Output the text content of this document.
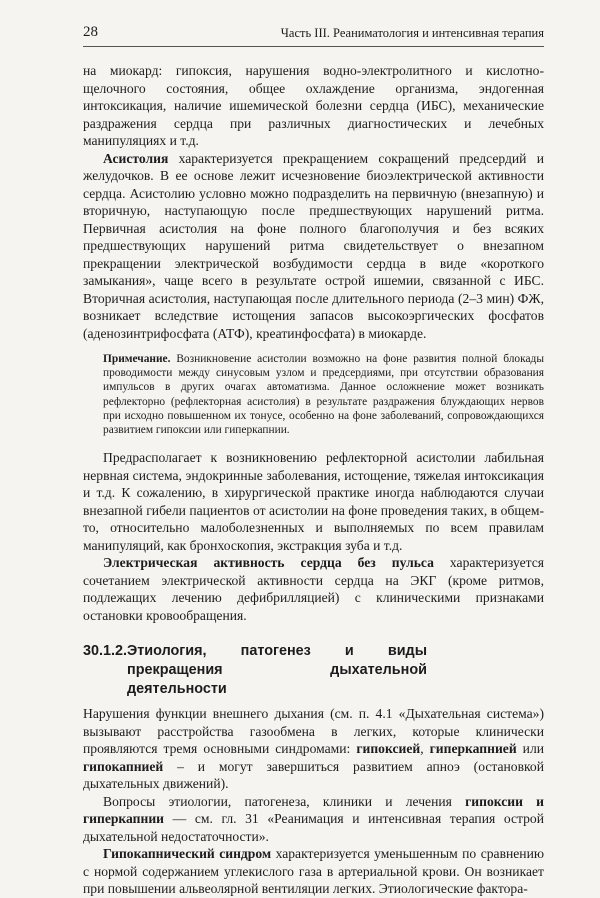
28	Часть III. Реаниматология и интенсивная терапия

на миокард: гипоксия, нарушения водно-электролитного и кислотно-щелочного состояния, общее охлаждение организма, эндогенная интоксикация, наличие ишемической болезни сердца (ИБС), механические раздражения сердца при различных диагностических и лечебных манипуляциях и т.д.

Асистолия характеризуется прекращением сокращений предсердий и желудочков. В ее основе лежит исчезновение биоэлектрической активности сердца. Асистолию условно можно подразделить на первичную (внезапную) и вторичную, наступающую после предшествующих нарушений ритма. Первичная асистолия на фоне полного благополучия и без всяких предшествующих нарушений ритма свидетельствует о внезапном прекращении электрической возбудимости сердца в виде «короткого замыкания», чаще всего в результате острой ишемии, связанной с ИБС. Вторичная асистолия, наступающая после длительного периода (2–3 мин) ФЖ, возникает вследствие истощения запасов высокоэргических фосфатов (аденозинтрифосфата (АТФ), креатинфосфата) в миокарде.

Примечание. Возникновение асистолии возможно на фоне развития полной блокады проводимости между синусовым узлом и предсердиями, при отсутствии образования импульсов в других очагах автоматизма. Данное осложнение может возникать рефлекторно (рефлекторная асистолия) в результате раздражения блуждающих нервов при исходно повышенном их тонусе, особенно на фоне заболеваний, сопровождающихся развитием гипоксии или гиперкапнии.

Предрасполагает к возникновению рефлекторной асистолии лабильная нервная система, эндокринные заболевания, истощение, тяжелая интоксикация и т.д. К сожалению, в хирургической практике иногда наблюдаются случаи внезапной гибели пациентов от асистолии на фоне проведения таких, в общем-то, относительно малоболезненных и выполняемых по всем правилам манипуляций, как бронхоскопия, экстракция зуба и т.д.

Электрическая активность сердца без пульса характеризуется сочетанием электрической активности сердца на ЭКГ (кроме ритмов, подлежащих лечению дефибрилляцией) с клиническими признаками остановки кровообращения.

30.1.2.Этиология, патогенез и виды прекращения дыхательной деятельности

Нарушения функции внешнего дыхания (см. п. 4.1 «Дыхательная система») вызывают расстройства газообмена в легких, которые клинически проявляются тремя основными синдромами: гипоксией, гиперкапнией или гипокапнией – и могут завершиться развитием апноэ (остановкой дыхательных движений).

Вопросы этиологии, патогенеза, клиники и лечения гипоксии и гиперкапнии — см. гл. 31 «Реанимация и интенсивная терапия острой дыхательной недостаточности».

Гипокапнический синдром характеризуется уменьшенным по сравнению с нормой содержанием углекислого газа в артериальной крови. Он возникает при повышении альвеолярной вентиляции легких. Этиологические фактора-
